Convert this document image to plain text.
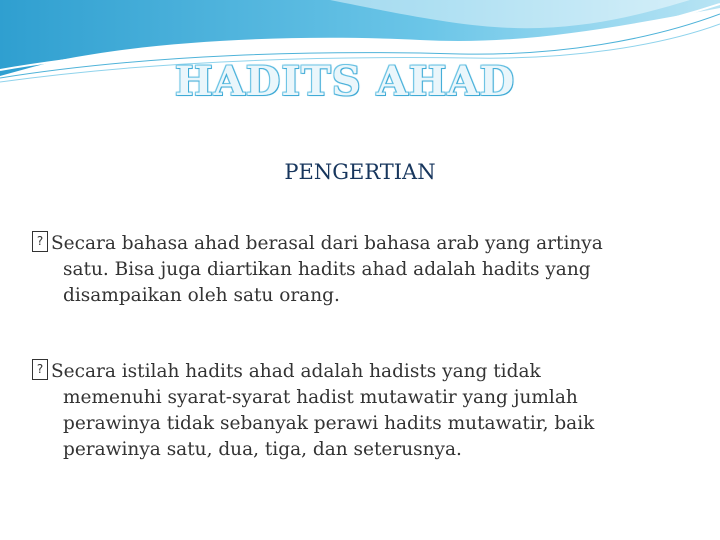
HADITS AHAD
PENGERTIAN
? Secara bahasa ahad berasal dari bahasa arab yang artinya
satu. Bisa juga diartikan hadits ahad adalah hadits yang
disampaikan oleh satu orang.
? Secara istilah hadits ahad adalah hadists yang tidak
memenuhi syarat-syarat hadist mutawatir yang jumlah
perawinya tidak sebanyak perawi hadits mutawatir, baik
perawinya satu, dua, tiga, dan seterusnya.
